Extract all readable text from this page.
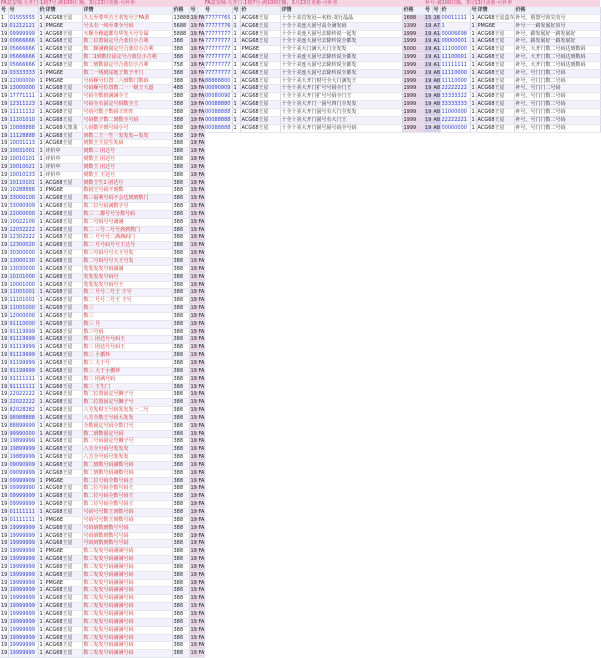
FA意安城·大开门·1到7号·满100往 额，3月23日更新·可补单
号	号	价	详情	详情	价格	号	
1	01555555	1	ACG68王星	九五至尊华音王者发号于FA游	13888	19	FA
19	01212121	1	PMG6E	号头有一线至尊全号码	5688	19	FA
19	09999999	1	ACG68王星	天顺全跑道都有华发大号专属	5888	19	FA
19	00666666	1	ACG68王星	数二位置固定号合蓝位小吉利	388	19	FA
19	05666666	1	ACG68王星	数二顺满跑固定号合蓝位小吉利	388	19	FA
19	05666666	1	ACG68王星	数二1到数位固定号合蓝位小吉利	388	19	FA
19	05666666	1	ACG68王星	数二到数固定号合蓝位小吉利	758	19	FA
19	03333333	1	PMG6E	数二一线到尾地王数子开门	388	19	FA
19	22000000	1	PMG6E	号码顺号位置二六到数门数码	388	19	FA
19	13000000	1	ACG68王星	号码顺号位置数二一一级王大道	488	19	FA
19	17771111	1	ACG68王星	号码全数值满满全王	388	19	FA
19	12311123	1	ACG68王星	号码全有固定号码数全王	388	19	FA
19	11111112	1	ACG68王星	号码号数子数码王旺旺	388	19	FA
19	11101010	1	ACG68王星	号码数子数二到数全号码	388	19	FA
19	10888888	1	ACG68大黑龙	八码数字到号码小号	388	19	FA
19	11128888	1	ACG68王星	到数二王一生一发发发—发发	388	19	FA
19	10031113	1	ACG68王星	到数王王星生发码	388	19	FA
19	10031001	1	评价中	到数三 团达号	388	19	FA
19	10010101	1	评价中	到数王 团达号	388	19	FA
19	10010021	1	评价中	到数王 团达号	388	19	FA
19	10010133	1	评价中	到数王 王达号	388	19	FA
19	10110101	1	ACG68王星	到数王生1 团达号	388	19	FA
19	10288888	1	PMG6E	数码王号码不到数	388	19	FA
19	33000100	1	ACG68王星	数三福利号码不会达到到数门	388	19	FA
19	33090909	1	ACG68王星	数二位号码满数字号	388	19	FA
19	22000000	1	ACG68王星	数三 二都号号分数号码	388	19	FA
19	10022100	1	ACG68王星	数二号码号号满满	388	19	FA
19	12032222	1	ACG68王星	数二 三号二号号到到数门	388	19	FA
19	12302222	1	ACG68王星	数二 号号号二满满码门	388	19	FA
19	12300020	1	ACG68王星	数二 号号码号号王达号	388	19	FA
19	30300000	1	ACG68王星	数三号码号号大王号发	388	19	FA
19	13000130	1	ACG68王星	数二号码号号大王号发	388	19	FA
19	13030000	1	ACG68王星	发发发发号码满满	388	19	FA
19	10101000	1	ACG68王星	发发发发号码号	388	19	FA
19	10001000	1	ACG68王星	发发发发号码号王	388	19	FA
19	11001001	1	ACG68王星	数二 号号二号王 王号	388	19	FA
19	11101001	1	ACG68王星	数二 号号二号王 王号	388	19	FA
19	11001000	1	ACG68王星	数三	388	19	FA
19	12000000	1	ACG68王星	数三	388	19	FA
19	91110000	1	ACG68王星	数三 号	388	19	FA
19	91119999	1	ACG68王星	数三号码	388	19	FA
19	91119999	1	ACG68王星	数三 团达号号码王	388	19	FA
19	91119999	1	ACG68王星	数三 团达号号码王	388	19	FA
19	91119999	1	ACG68王星	数三 小循环	388	19	FA
19	91199999	1	ACG68王星	数三 大于号	388	19	FA
19	91199999	1	ACG68王星	数三 大于小循环	388	19	FA
19	91111111	1	ACG68王星	数三 团满号码	388	19	FA
19	91111111	1	ACG68王星	数三 王生门	388	19	FA
19	22022222	1	ACG68王星	数二位置固定号狮子号	388	19	FA
19	22022222	1	ACG68王星	数二位置固定号狮子号	388	19	FA
19	82028282	1	ACG68王星	八方发财王号码发发发一二号	388	19	FA
19	98988888	1	ACG68王星	八方全数王号码大发发	388	19	FA
19	88899999	1	ACG68王星	全数固定号码全数门号	388	19	FA
19	99990000	1	ACG68王星	数二到数固定号码	388	19	FA
19	19899999	1	ACG68王星	数二号码固定号狮子号	388	19	FA
19	19899999	1	ACG68王星	八方全号码号发发发	388	19	FA
19	19889999	1	ACG68王星	八方全号码号发发发	388	19	FA
19	09090909	1	ACG68王星	数二到数号码满数号码	388	19	FA
19	09099999	1	ACG68王星	数二到数号码满数号码	388	19	FA
19	09999909	1	PMG6E	数二位号码全数号码王	388	19	FA
19	09999990	1	ACG68王星	数二位号码全数号码王	388	19	FA
19	09999999	1	ACG68王星	数二位号码全数号码王	388	19	FA
19	09999999	1	ACG68王星	数二位号码全数号码王	388	19	FA
19	01111111	1	ACG68王星	号码号号数王到数号码	388	19	FA
19	01111111	1	PMG6E	号码号号数王到数号码	388	19	FA
19	19999999	1	ACG68王星	号码到数到数号号码	388	19	FA
19	19999999	1	ACG68王星	号码到数到数号号码	388	19	FA
19	19999999	1	ACG68王星	号码到数到数号号码	388	19	FA
19	19999999	1	PMG6E	数三发发号码满满号码	388	19	FA
19	19999999	1	ACG68王星	数三发发号码满满号码	388	19	FA
19	19999999	1	ACG68王星	数三发发号码满满号码	388	19	FA
19	19999999	1	ACG68王星	数三发发号码满满号码	388	19	FA
19	19999999	1	PMG6E	数三发发号码满满号码	388	19	FA
19	19999999	1	ACG68王星	数三发发号码满满号码	388	19	FA
19	19999999	1	ACG68王星	数三发发号码满满号码	388	19	FA
19	19999999	1	ACG68王星	数三发发号码满满号码	388	19	FA
19	19999999	1	ACG68王星	数三发发号码满满号码	388	19	FA
19	19999999	1	ACG68王星	数三发发号码满满号码	388	19	FA
19	19999999	1	ACG68王星	数三发发号码满满号码	388	19	FA
19	19999999	1	ACG68王星	数三发发号码满满号码	388	19	FA
19	19999999	1	ACG68王星	数三发发号码满满号码	388	19	FA
19	19999999	1	ACG68王星	数三发发号码满满号码	388	19	FA
FA意安城·大开门·1到7号·满100往额，3月23日更新·可补单
号	号	价	详情	价格
77777765	1	ACG68王星	十全十美首发冠—名校·龙行晶晶	1688
77777776	1	ACG68王星	十全十美连大固号高全满发码	1399
77777777	1	ACG68王星	十全十美连大固号去除传说一起发	1999
77777777	1	ACG68王星	十全十美连大固号去除传说全都发	1999
77777777	1	PMG6E	十全十美大门满大大门全发发	5000
77777777	1	ACG68王星	十全十美连大固号去除传说全都发	1999
77777777	1	ACG68王星	十全十美连大固号去除传说全都发	1999
77777777	1	ACG68王星	十全十美连大固号去除传说全都发	1999
88888800	1	ACG68王星	十全十美大开门财号全大门满发王	1999
00090909	1	ACG68王星	十全十美大开门扩号号码全门王	1999
00080090	1	ACG68王星	十全十美大开门扩号号码全门王	1999
00088880	1	ACG68王星	十全十美大开门一固号四门全发发	1999
00088888	1	ACG68王星	十全十美大开门固号有大门全发发	1999
00088888	1	ACG68王星	十全十美大开门固号有大门王	1999
00088888	1	ACG68王星	十全十美大开门固号固号码全号码	1999
补号·满100往额，3月13日更新·可补单
号	号	价	号	详情	价格
15	18	00011111	1	ACG68王星盒车	补号，别置号顶尖有号
19	A7	1	1	PMG6E	补号一一路发展好顶号
19	A1	00006698	1	ACG68王星	补号，路发展好一路发展好
19	A1	00000001	1	ACG68王星	补号，路发展好一路发展好
19	A1	11100000	1	ACG68王星	补号，大开门数二号码达到数码
19	A1	11100001	1	ACG68王星	补号，大开门数二号码达到数码
19	A1	11111111	1	ACG68王星	补号，大开门数二号码达到数码
19	A8	11110000	1	ACG68王星	补号，号门门数二号码
19	A8	11110000	1	ACG68王星	补号，号门门数二号码
19	A8	22222222	1	ACG68王星	补号，号门门二号码
19	A8	33333322	1	ACG68王星	补号，号门门数二号码
19	A8	33333333	1	ACG68王星	补号，号门门数二号码
19	A8	11000000	1	ACG68王星	补号，号门门数二号码
19	A8	22222221	1	ACG68王星	补号，号门门数二号码
19	A8	00000000	1	ACG68王星	补号，号门门数二号码
